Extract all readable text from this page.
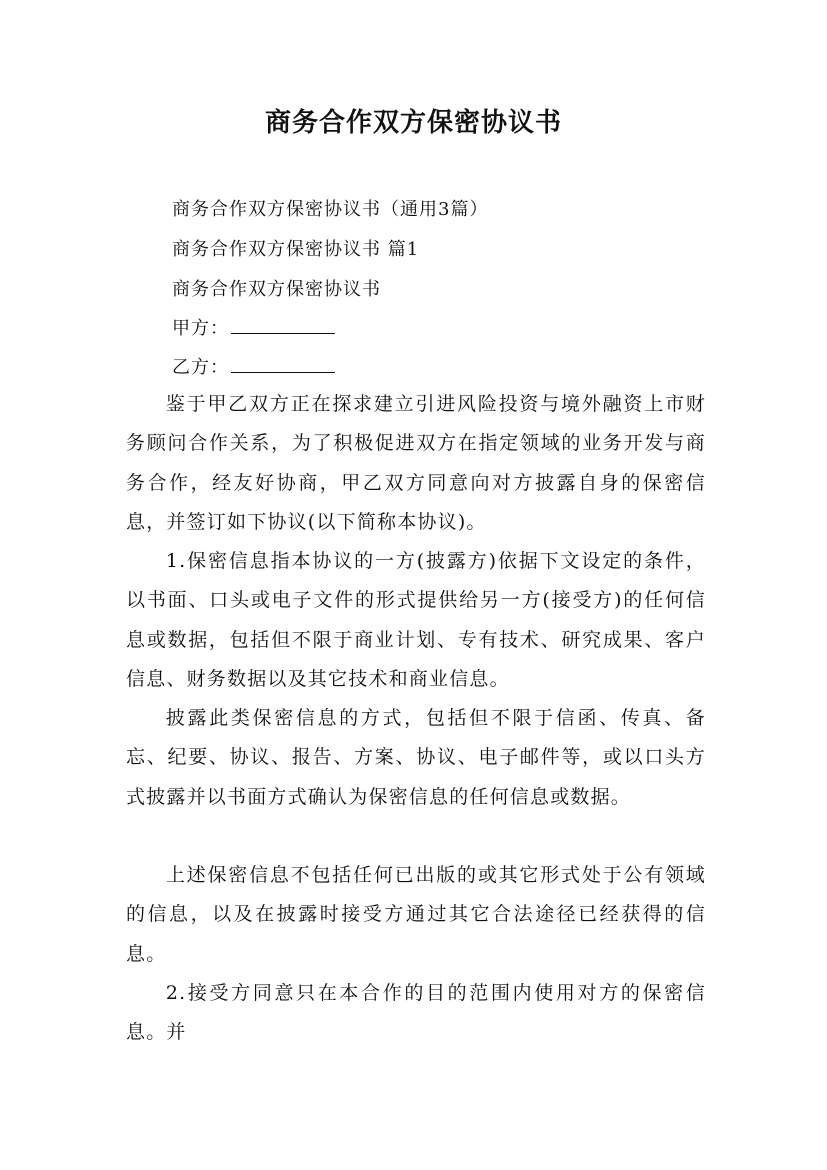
商务合作双方保密协议书
商务合作双方保密协议书（通用3篇）
商务合作双方保密协议书 篇1
商务合作双方保密协议书
甲方：
乙方：
鉴于甲乙双方正在探求建立引进风险投资与境外融资上市财务顾问合作关系，为了积极促进双方在指定领域的业务开发与商务合作，经友好协商，甲乙双方同意向对方披露自身的保密信息，并签订如下协议(以下简称本协议)。
1.保密信息指本协议的一方(披露方)依据下文设定的条件，以书面、口头或电子文件的形式提供给另一方(接受方)的任何信息或数据，包括但不限于商业计划、专有技术、研究成果、客户信息、财务数据以及其它技术和商业信息。
披露此类保密信息的方式，包括但不限于信函、传真、备忘、纪要、协议、报告、方案、协议、电子邮件等，或以口头方式披露并以书面方式确认为保密信息的任何信息或数据。
上述保密信息不包括任何已出版的或其它形式处于公有领域的信息，以及在披露时接受方通过其它合法途径已经获得的信息。
2.接受方同意只在本合作的目的范围内使用对方的保密信息。并
